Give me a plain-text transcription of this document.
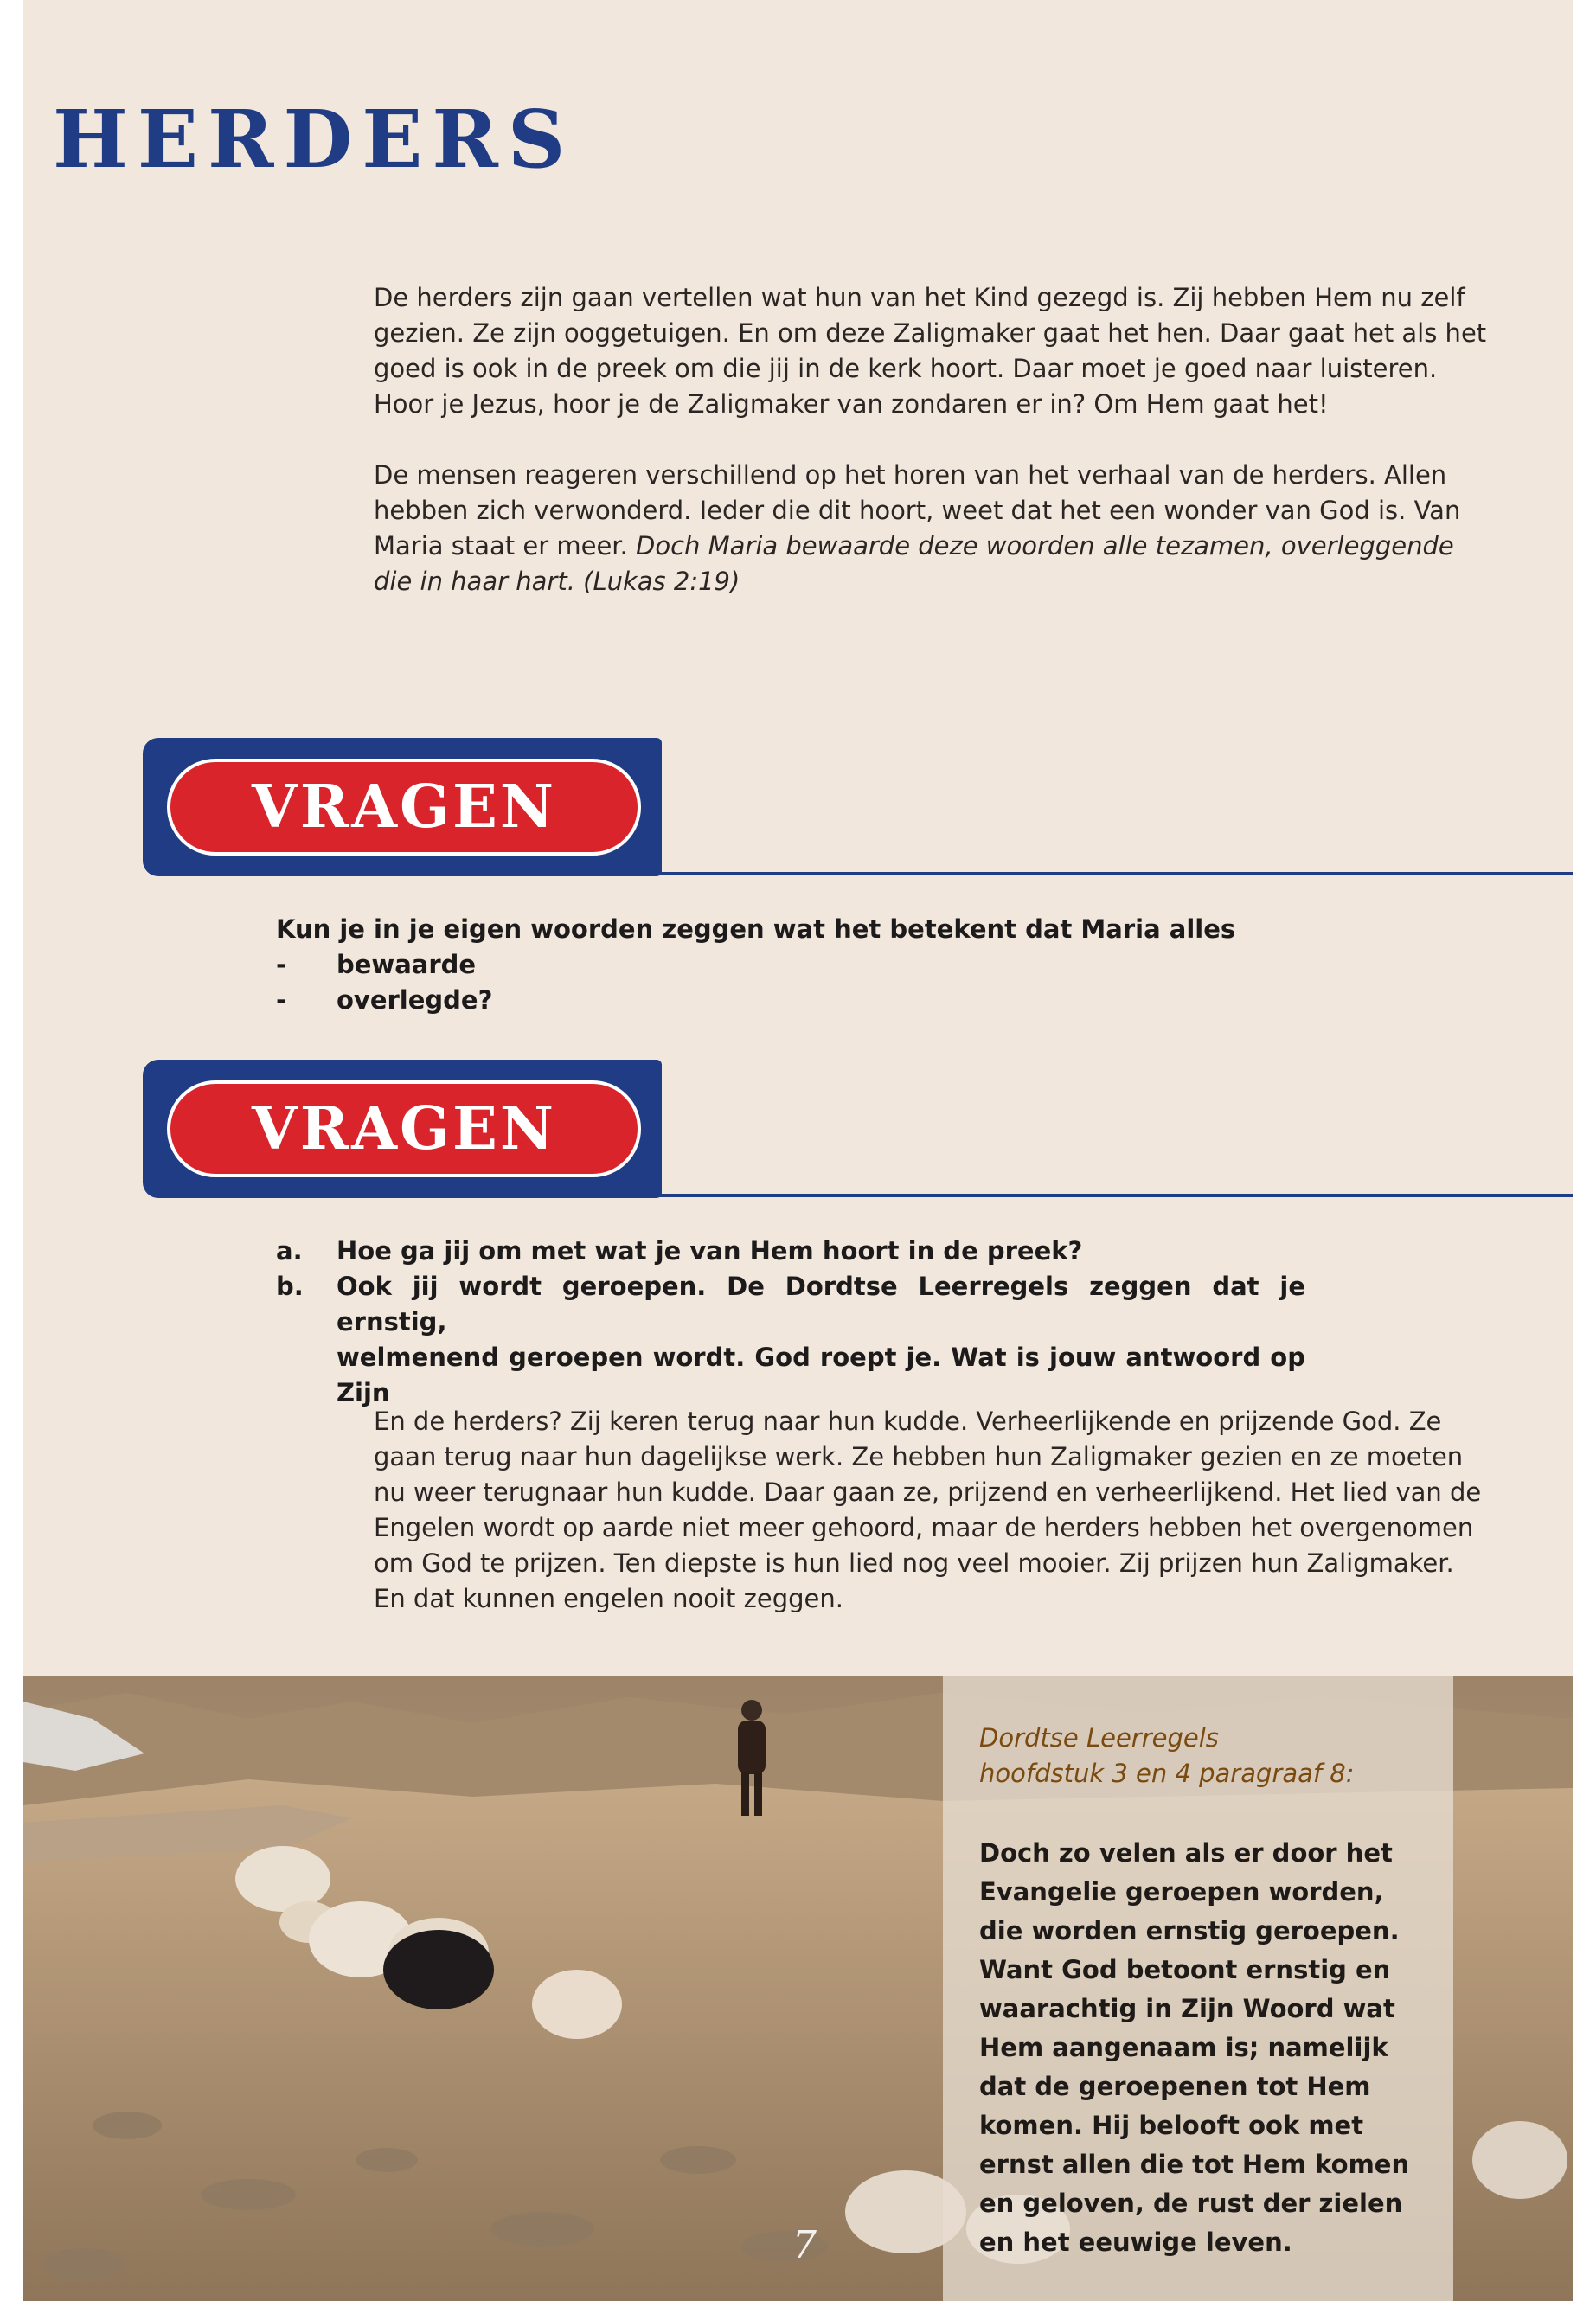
HERDERS

De herders zijn gaan vertellen wat hun van het Kind gezegd is. Zij hebben Hem nu zelf gezien. Ze zijn ooggetuigen. En om deze Zaligmaker gaat het hen. Daar gaat het als het goed is ook in de preek om die jij in de kerk hoort. Daar moet je goed naar luisteren. Hoor je Jezus, hoor je de Zaligmaker van zondaren er in? Om Hem gaat het!

De mensen reageren verschillend op het horen van het verhaal van de herders. Allen hebben zich verwonderd. Ieder die dit hoort, weet dat het een wonder van God is. Van Maria staat er meer. Doch Maria bewaarde deze woorden alle tezamen, overleggende die in haar hart. (Lukas 2:19)

VRAGEN
Kun je in je eigen woorden zeggen wat het betekent dat Maria alles
-	bewaarde
-	overlegde?
VRAGEN
a.	Hoe ga jij om met wat je van Hem hoort in de preek?
b.	Ook jij wordt geroepen. De Dordtse Leerregels zeggen dat je ernstig,
welmenend geroepen wordt. God roept je. Wat is jouw antwoord op Zijn

En de herders? Zij keren terug naar hun kudde. Verheerlijkende en prijzende God. Ze gaan terug naar hun dagelijkse werk. Ze hebben hun Zaligmaker gezien en ze moeten nu weer terugnaar hun kudde. Daar gaan ze, prijzend en verheerlijkend. Het lied van de Engelen wordt op aarde niet meer gehoord, maar de herders hebben het overgenomen om God te prijzen. Ten diepste is hun lied nog veel mooier. Zij prijzen hun Zaligmaker. En dat kunnen engelen nooit zeggen.

Dordtse Leerregels
hoofdstuk 3 en 4 paragraaf 8:
Doch zo velen als er door het Evangelie geroepen worden, die worden ernstig geroepen. Want God betoont ernstig en waarachtig in Zijn Woord wat Hem aangenaam is; namelijk dat de geroepenen tot Hem komen. Hij belooft ook met ernst allen die tot Hem komen en geloven, de rust der zielen en het eeuwige leven.
7
